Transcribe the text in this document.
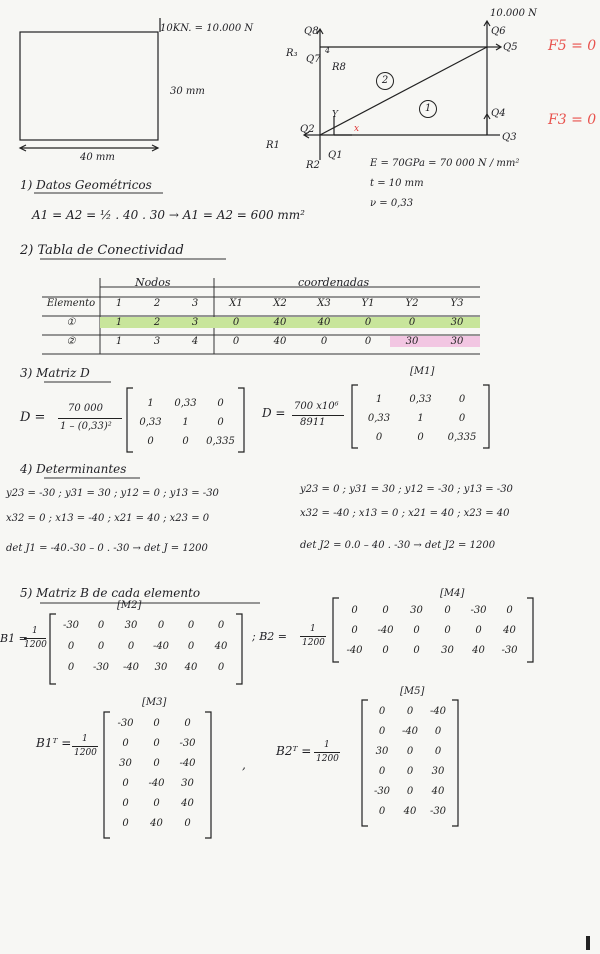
10KN. = 10.000 N
30 mm
40 mm
Q8
R₃
Q7
4
R8
2
1
Y
x
Q2
R1
Q1
R2
Q4
Q3
Q6
Q5
10.000 N
F5 = 0
F3 = 0
E = 70GPa = 70 000 N / mm²
t = 10 mm
ν = 0,33
1) Datos Geométricos
A1 = A2 = ½ . 40 . 30 → A1 = A2 = 600 mm²
2) Tabla de Conectividad
Nodos	coordenadas
Elemento	1	2	3	X1	X2	X3	Y1	Y2	Y3
①	1	2	3	0	40	40	0	0	30
②	1	3	4	0	40	0	0	30	30
3) Matriz D	[M1]
D =
70 000
1 – (0,33)²
1	0,33	0
0,33	1	0
0	0	0,335
D = 700 x10⁶
8911
1	0,33	0
0,33	1	0
0	0	0,335
4) Determinantes
y23 = -30 ; y31 = 30 ; y12 = 0 ; y13 = -30
x32 = 0 ; x13 = -40 ; x21 = 40 ; x23 = 0
det J1 = -40.-30 – 0 . -30 → det J = 1200
y23 = 0 ; y31 = 30 ; y12 = -30 ; y13 = -30
x32 = -40 ; x13 = 0 ; x21 = 40 ; x23 = 40
det J2 = 0.0 – 40 . -30 → det J2 = 1200
5) Matriz B de cada elemento
[M2]
[M4]
B1 =
1
1200
-30	0	30	0	0	0
0	0	0	-40	0	40
0	-30	-40	30	40	0
; B2 =
1
1200
0	0	30	0	-30	0
0	-40	0	0	0	40
-40	0	0	30	40	-30
[M3]
[M5]
B1ᵀ = 1
1200
-30	0	0
0	0	-30
30	0	-40
0	-40	30
0	0	40
0	40	0
,
B2ᵀ = 1
1200
0	0	-40
0	-40	0
30	0	0
0	0	30
-30	0	40
0	40	-30
